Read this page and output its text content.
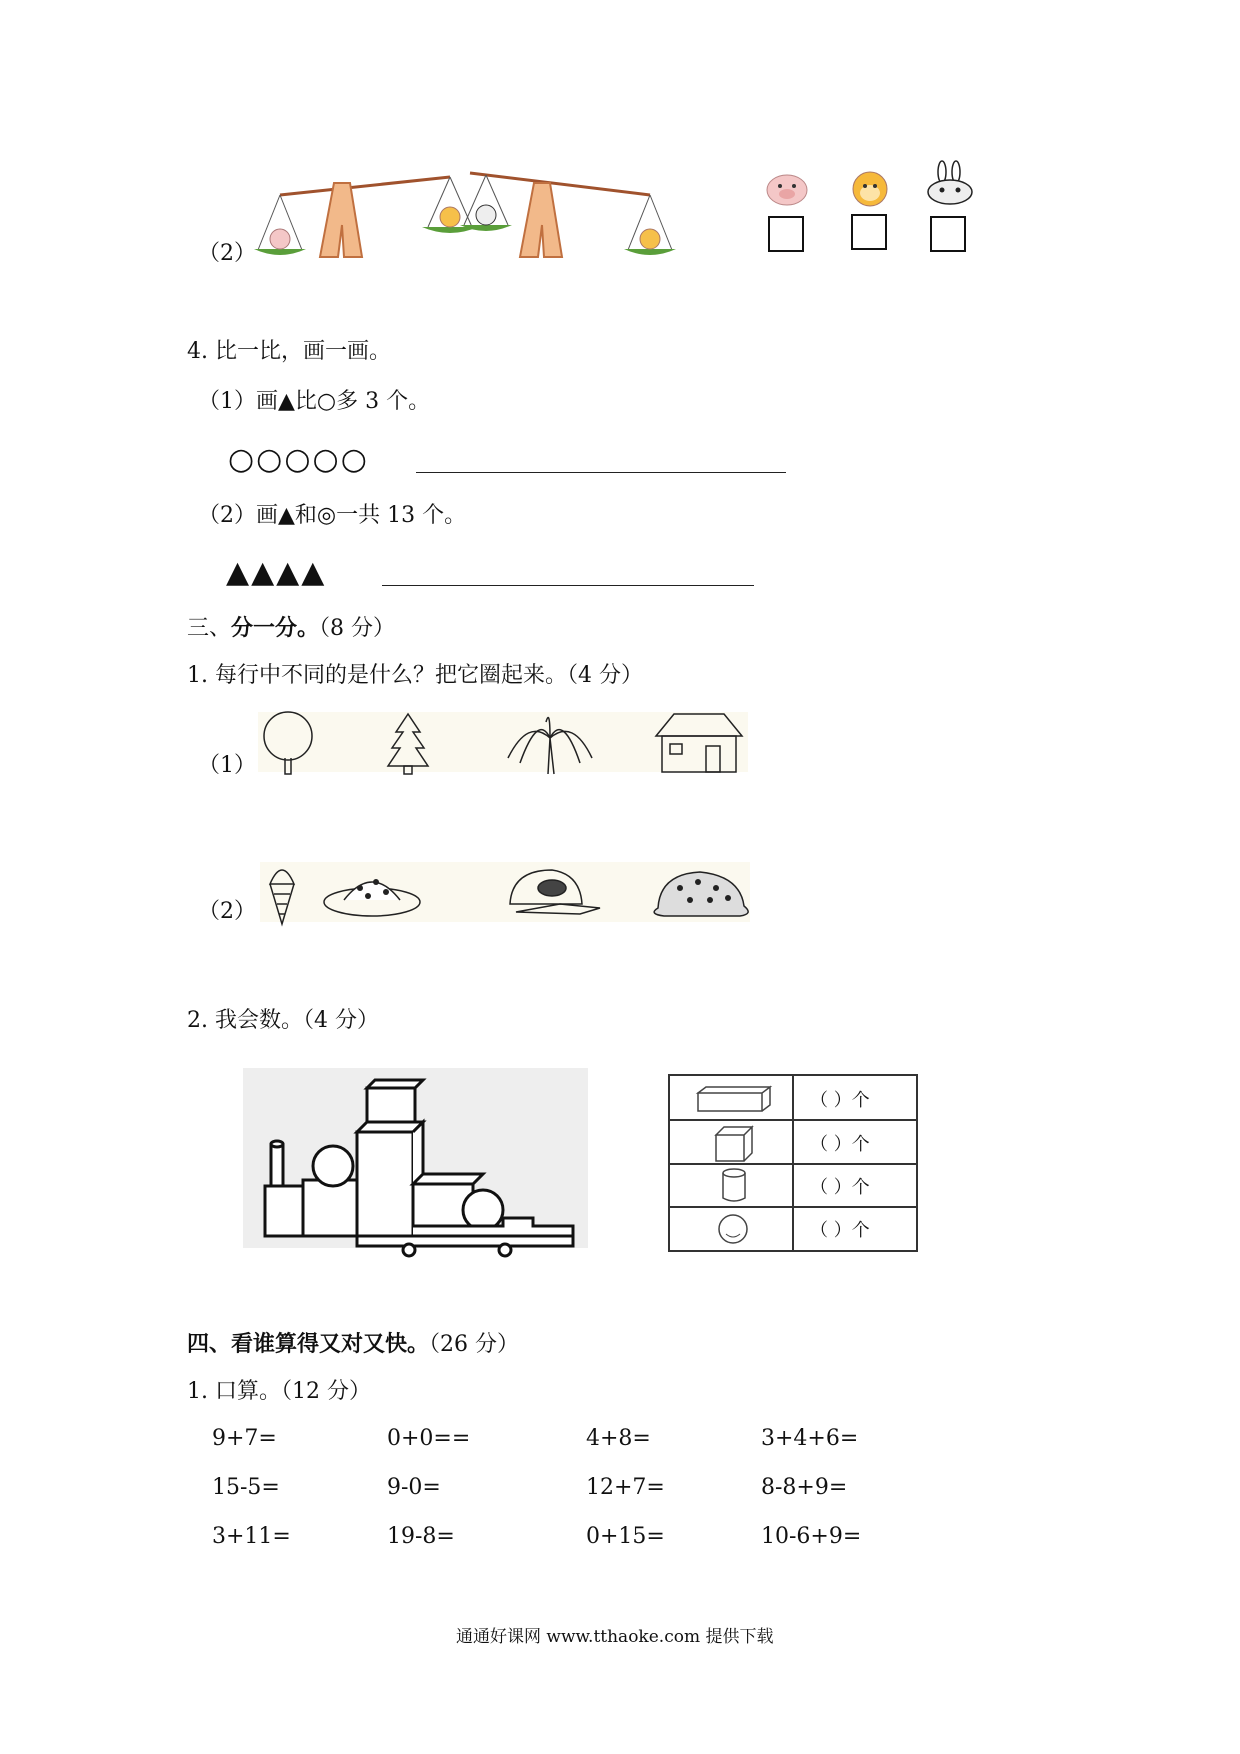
（2）
4. 比一比，画一画。
（1）画▲比○多 3 个。
○○○○○
（2）画▲和◎一共 13 个。
▲▲▲▲
三、分一分。（8 分）
1. 每行中不同的是什么？把它圈起来。（4 分）
（1）
（2）
2. 我会数。（4 分）
（ ）个
（ ）个
（ ）个
（ ）个
四、看谁算得又对又快。（26 分）
1. 口算。（12 分）
9+7=	0+0==	4+8=	3+4+6=
15-5=	9-0=	12+7=	8-8+9=
3+11=	19-8=	0+15=	10-6+9=
通通好课网 www.tthaoke.com 提供下载
